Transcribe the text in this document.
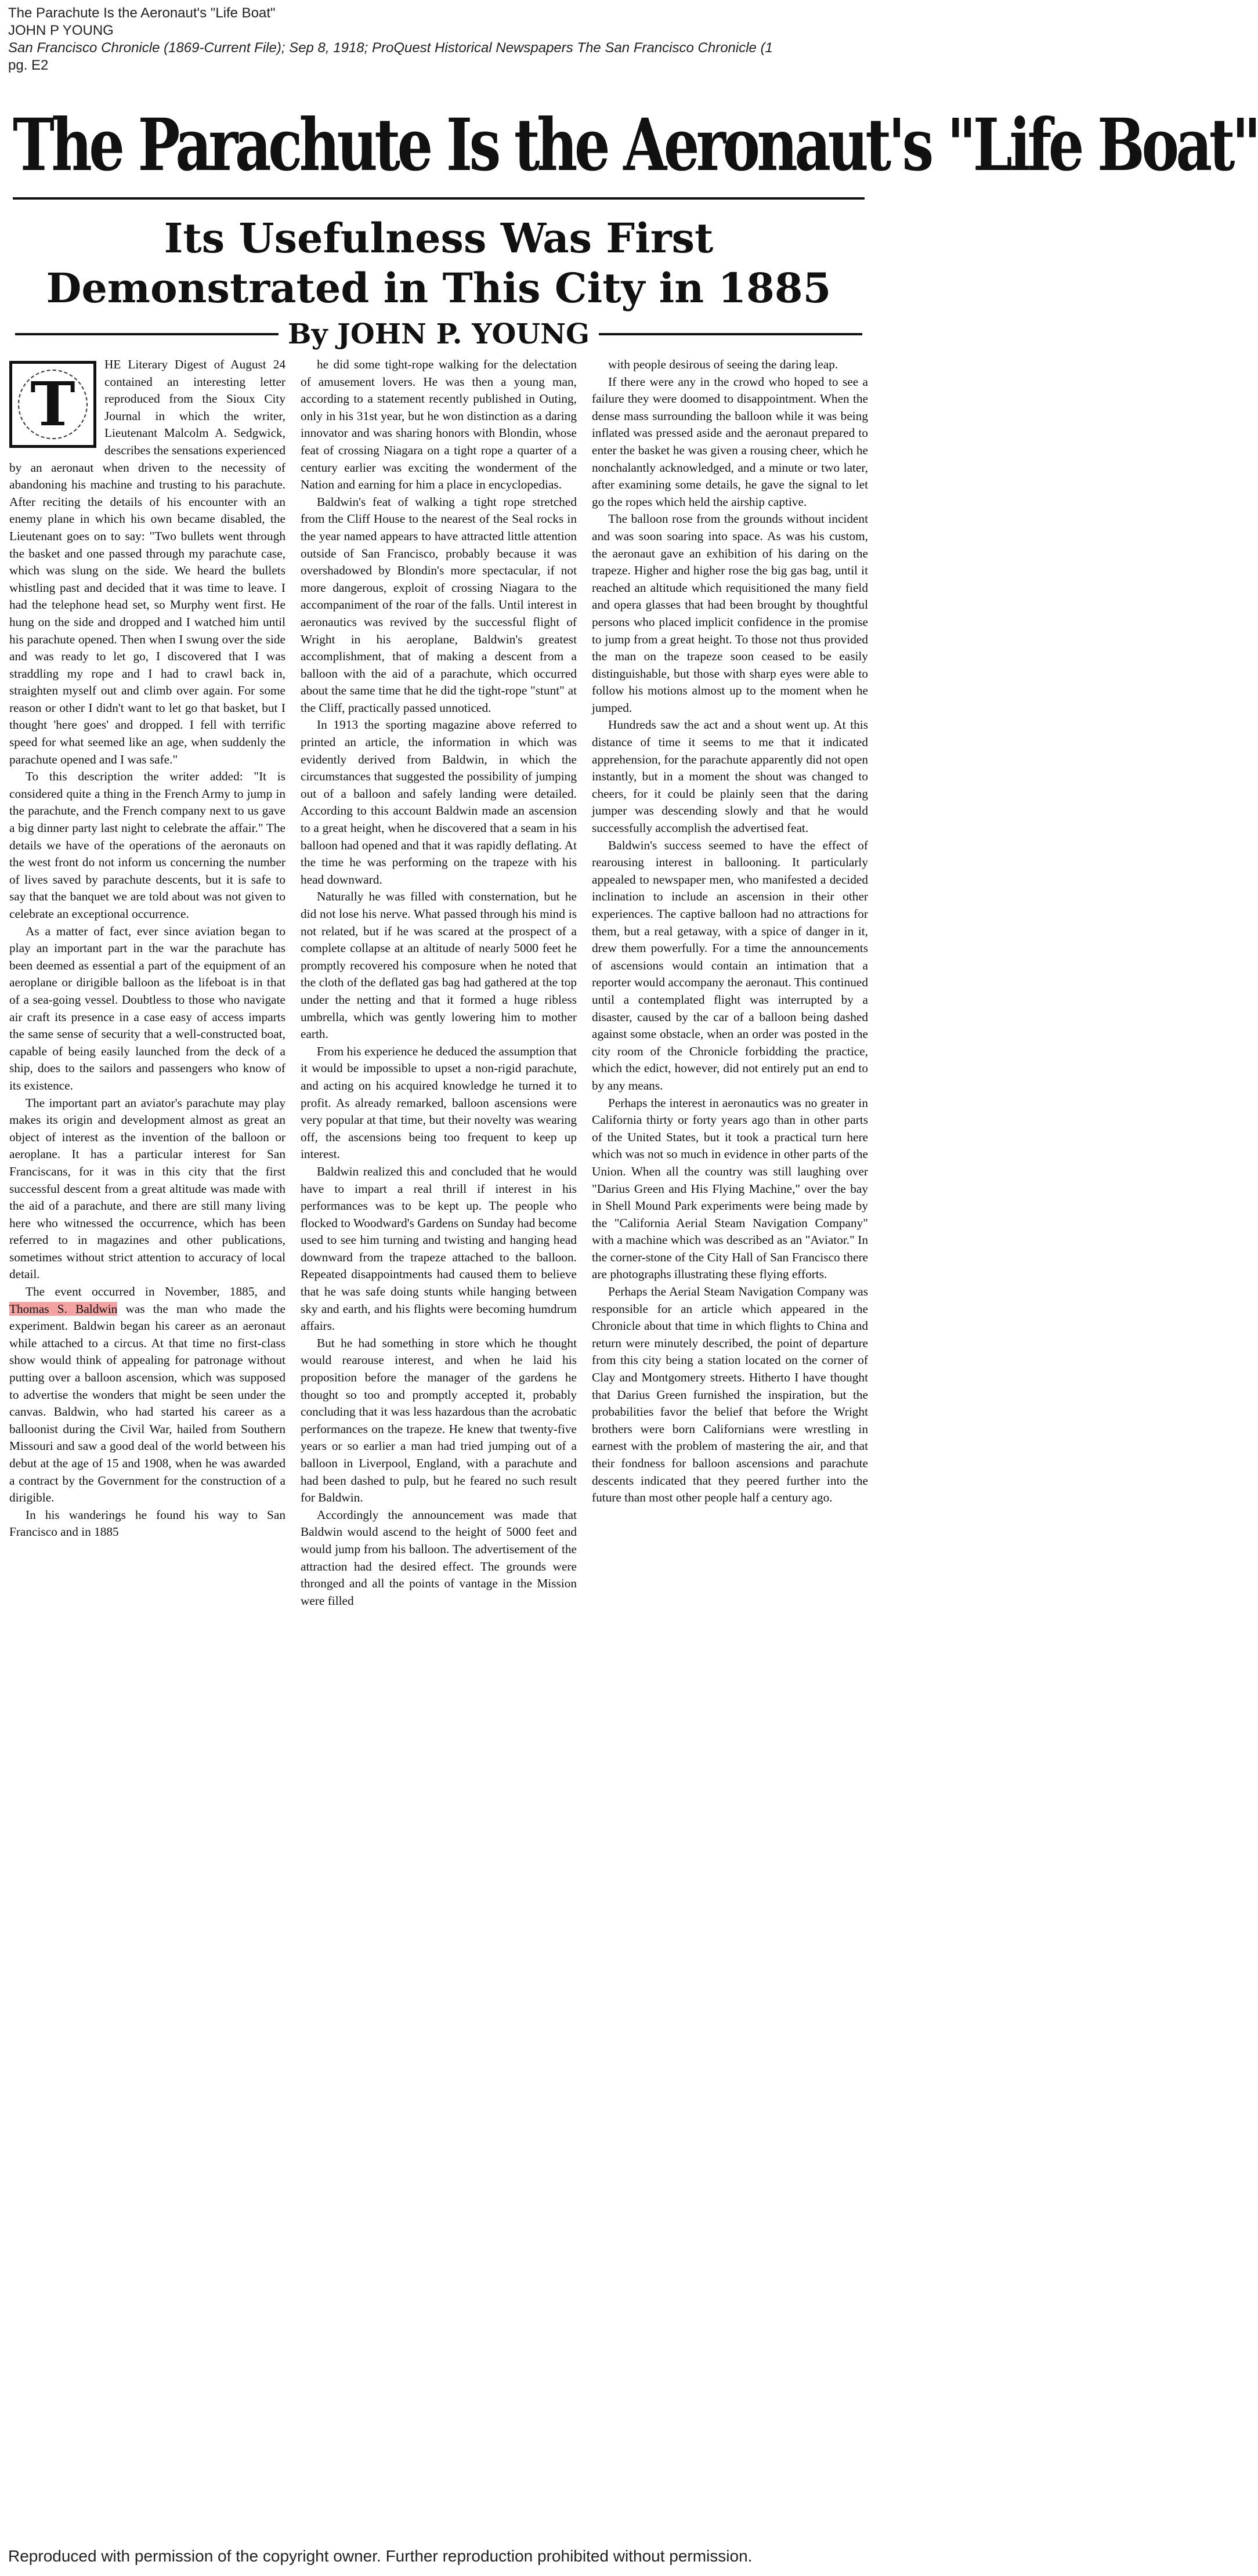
The Parachute Is the Aeronaut's "Life Boat"
JOHN P YOUNG
San Francisco Chronicle (1869-Current File); Sep 8, 1918; ProQuest Historical Newspapers The San Francisco Chronicle (1
pg. E2
The Parachute Is the Aeronaut's "Life Boat"
Its Usefulness Was First Demonstrated in This City in 1885
By JOHN P. YOUNG
T

HE Literary Digest of August 24 contained an interesting letter reproduced from the Sioux City Journal in which the writer, Lieutenant Malcolm A. Sedgwick, describes the sensations experienced by an aeronaut when driven to the necessity of abandoning his machine and trusting to his parachute. After reciting the details of his encounter with an enemy plane in which his own became disabled, the Lieutenant goes on to say: "Two bullets went through the basket and one passed through my parachute case, which was slung on the side. We heard the bullets whistling past and decided that it was time to leave. I had the telephone head set, so Murphy went first. He hung on the side and dropped and I watched him until his parachute opened. Then when I swung over the side and was ready to let go, I discovered that I was straddling my rope and I had to crawl back in, straighten myself out and climb over again. For some reason or other I didn't want to let go that basket, but I thought 'here goes' and dropped. I fell with terrific speed for what seemed like an age, when suddenly the parachute opened and I was safe."

To this description the writer added: "It is considered quite a thing in the French Army to jump in the parachute, and the French company next to us gave a big dinner party last night to celebrate the affair." The details we have of the operations of the aeronauts on the west front do not inform us concerning the number of lives saved by parachute descents, but it is safe to say that the banquet we are told about was not given to celebrate an exceptional occurrence.

As a matter of fact, ever since aviation began to play an important part in the war the parachute has been deemed as essential a part of the equipment of an aeroplane or dirigible balloon as the lifeboat is in that of a sea-going vessel. Doubtless to those who navigate air craft its presence in a case easy of access imparts the same sense of security that a well-constructed boat, capable of being easily launched from the deck of a ship, does to the sailors and passengers who know of its existence.

The important part an aviator's parachute may play makes its origin and development almost as great an object of interest as the invention of the balloon or aeroplane. It has a particular interest for San Franciscans, for it was in this city that the first successful descent from a great altitude was made with the aid of a parachute, and there are still many living here who witnessed the occurrence, which has been referred to in magazines and other publications, sometimes without strict attention to accuracy of local detail.

The event occurred in November, 1885, and Thomas S. Baldwin was the man who made the experiment. Baldwin began his career as an aeronaut while attached to a circus. At that time no first-class show would think of appealing for patronage without putting over a balloon ascension, which was supposed to advertise the wonders that might be seen under the canvas. Baldwin, who had started his career as a balloonist during the Civil War, hailed from Southern Missouri and saw a good deal of the world between his debut at the age of 15 and 1908, when he was awarded a contract by the Government for the construction of a dirigible.

In his wanderings he found his way to San Francisco and in 1885

he did some tight-rope walking for the delectation of amusement lovers. He was then a young man, according to a statement recently published in Outing, only in his 31st year, but he won distinction as a daring innovator and was sharing honors with Blondin, whose feat of crossing Niagara on a tight rope a quarter of a century earlier was exciting the wonderment of the Nation and earning for him a place in encyclopedias.

Baldwin's feat of walking a tight rope stretched from the Cliff House to the nearest of the Seal rocks in the year named appears to have attracted little attention outside of San Francisco, probably because it was overshadowed by Blondin's more spectacular, if not more dangerous, exploit of crossing Niagara to the accompaniment of the roar of the falls. Until interest in aeronautics was revived by the successful flight of Wright in his aeroplane, Baldwin's greatest accomplishment, that of making a descent from a balloon with the aid of a parachute, which occurred about the same time that he did the tight-rope "stunt" at the Cliff, practically passed unnoticed.

In 1913 the sporting magazine above referred to printed an article, the information in which was evidently derived from Baldwin, in which the circumstances that suggested the possibility of jumping out of a balloon and safely landing were detailed. According to this account Baldwin made an ascension to a great height, when he discovered that a seam in his balloon had opened and that it was rapidly deflating. At the time he was performing on the trapeze with his head downward.

Naturally he was filled with consternation, but he did not lose his nerve. What passed through his mind is not related, but if he was scared at the prospect of a complete collapse at an altitude of nearly 5000 feet he promptly recovered his composure when he noted that the cloth of the deflated gas bag had gathered at the top under the netting and that it formed a huge ribless umbrella, which was gently lowering him to mother earth.

From his experience he deduced the assumption that it would be impossible to upset a non-rigid parachute, and acting on his acquired knowledge he turned it to profit. As already remarked, balloon ascensions were very popular at that time, but their novelty was wearing off, the ascensions being too frequent to keep up interest.

Baldwin realized this and concluded that he would have to impart a real thrill if interest in his performances was to be kept up. The people who flocked to Woodward's Gardens on Sunday had become used to see him turning and twisting and hanging head downward from the trapeze attached to the balloon. Repeated disappointments had caused them to believe that he was safe doing stunts while hanging between sky and earth, and his flights were becoming humdrum affairs.

But he had something in store which he thought would rearouse interest, and when he laid his proposition before the manager of the gardens he thought so too and promptly accepted it, probably concluding that it was less hazardous than the acrobatic performances on the trapeze. He knew that twenty-five years or so earlier a man had tried jumping out of a balloon in Liverpool, England, with a parachute and had been dashed to pulp, but he feared no such result for Baldwin.

Accordingly the announcement was made that Baldwin would ascend to the height of 5000 feet and would jump from his balloon. The advertisement of the attraction had the desired effect. The grounds were thronged and all the points of vantage in the Mission were filled

with people desirous of seeing the daring leap.

If there were any in the crowd who hoped to see a failure they were doomed to disappointment. When the dense mass surrounding the balloon while it was being inflated was pressed aside and the aeronaut prepared to enter the basket he was given a rousing cheer, which he nonchalantly acknowledged, and a minute or two later, after examining some details, he gave the signal to let go the ropes which held the airship captive.

The balloon rose from the grounds without incident and was soon soaring into space. As was his custom, the aeronaut gave an exhibition of his daring on the trapeze. Higher and higher rose the big gas bag, until it reached an altitude which requisitioned the many field and opera glasses that had been brought by thoughtful persons who placed implicit confidence in the promise to jump from a great height. To those not thus provided the man on the trapeze soon ceased to be easily distinguishable, but those with sharp eyes were able to follow his motions almost up to the moment when he jumped.

Hundreds saw the act and a shout went up. At this distance of time it seems to me that it indicated apprehension, for the parachute apparently did not open instantly, but in a moment the shout was changed to cheers, for it could be plainly seen that the daring jumper was descending slowly and that he would successfully accomplish the advertised feat.

Baldwin's success seemed to have the effect of rearousing interest in ballooning. It particularly appealed to newspaper men, who manifested a decided inclination to include an ascension in their other experiences. The captive balloon had no attractions for them, but a real getaway, with a spice of danger in it, drew them powerfully. For a time the announcements of ascensions would contain an intimation that a reporter would accompany the aeronaut. This continued until a contemplated flight was interrupted by a disaster, caused by the car of a balloon being dashed against some obstacle, when an order was posted in the city room of the Chronicle forbidding the practice, which the edict, however, did not entirely put an end to by any means.

Perhaps the interest in aeronautics was no greater in California thirty or forty years ago than in other parts of the United States, but it took a practical turn here which was not so much in evidence in other parts of the Union. When all the country was still laughing over "Darius Green and His Flying Machine," over the bay in Shell Mound Park experiments were being made by the "California Aerial Steam Navigation Company" with a machine which was described as an "Aviator." In the corner-stone of the City Hall of San Francisco there are photographs illustrating these flying efforts.

Perhaps the Aerial Steam Navigation Company was responsible for an article which appeared in the Chronicle about that time in which flights to China and return were minutely described, the point of departure from this city being a station located on the corner of Clay and Montgomery streets. Hitherto I have thought that Darius Green furnished the inspiration, but the probabilities favor the belief that before the Wright brothers were born Californians were wrestling in earnest with the problem of mastering the air, and that their fondness for balloon ascensions and parachute descents indicated that they peered further into the future than most other people half a century ago.

Reproduced with permission of the copyright owner. Further reproduction prohibited without permission.
